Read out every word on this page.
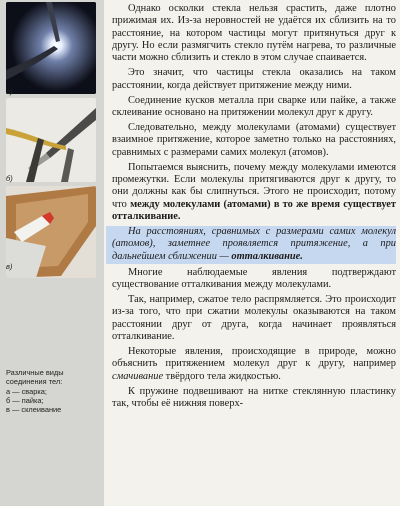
а)
б)
в)
Различные виды
соединения тел:
а — сварка;
б — пайка;
в — склеивание

Однако осколки стекла нельзя срастить, даже плотно прижимая их. Из-за неровностей не удаётся их сблизить на то расстояние, на котором частицы могут притянуться друг к другу. Но если размягчить стекло путём нагрева, то различные части можно сблизить и стекло в этом случае спаивается.

Это значит, что частицы стекла оказались на таком расстоянии, когда действует притяжение между ними.

Соединение кусков металла при сварке или пайке, а также склеивание основано на притяжении молекул друг к другу.

Следовательно, между молекулами (атомами) существует взаимное притяжение, которое заметно только на расстояниях, сравнимых с размерами самих молекул (атомов).

Попытаемся выяснить, почему между молекулами имеются промежутки. Если молекулы притягиваются друг к другу, то они должны как бы слипнуться. Этого не происходит, потому что между молекулами (атомами) в то же время существует отталкивание.

На расстояниях, сравнимых с размерами самих молекул (атомов), заметнее проявляется притяжение, а при дальнейшем сближении — отталкивание.

Многие наблюдаемые явления подтверждают существование отталкивания между молекулами.

Так, например, сжатое тело распрямляется. Это происходит из-за того, что при сжатии молекулы оказываются на таком расстоянии друг от друга, когда начинает проявляться отталкивание.

Некоторые явления, происходящие в природе, можно объяснить притяжением молекул друг к другу, например смачивание твёрдого тела жидкостью.

К пружине подвешивают на нитке стеклянную пластинку так, чтобы её нижняя поверх-
